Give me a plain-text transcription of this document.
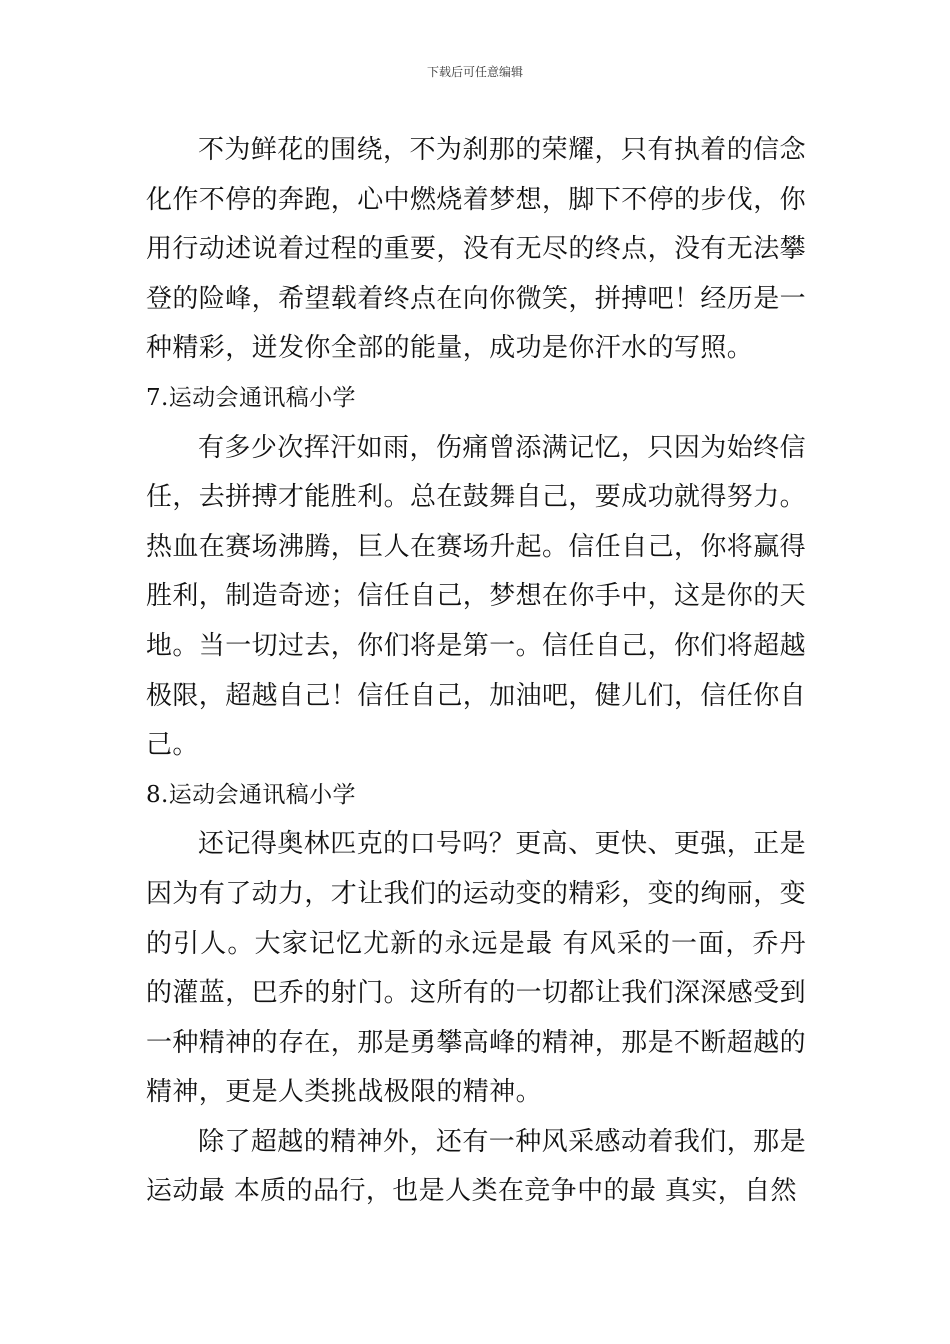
下载后可任意编辑

不为鲜花的围绕，不为刹那的荣耀，只有执着的信念化作不停的奔跑，心中燃烧着梦想，脚下不停的步伐，你用行动述说着过程的重要，没有无尽的终点，没有无法攀登的险峰，希望载着终点在向你微笑，拼搏吧！经历是一种精彩，迸发你全部的能量，成功是你汗水的写照。

7.运动会通讯稿小学

有多少次挥汗如雨，伤痛曾添满记忆，只因为始终信任，去拼搏才能胜利。总在鼓舞自己，要成功就得努力。热血在赛场沸腾，巨人在赛场升起。信任自己，你将赢得胜利，制造奇迹；信任自己，梦想在你手中，这是你的天地。当一切过去，你们将是第一。信任自己，你们将超越极限，超越自己！信任自己，加油吧，健儿们，信任你自己。

8.运动会通讯稿小学

还记得奥林匹克的口号吗？更高、更快、更强，正是因为有了动力，才让我们的运动变的精彩，变的绚丽，变的引人。大家记忆尤新的永远是最 有风采的一面，乔丹的灌蓝，巴乔的射门。这所有的一切都让我们深深感受到一种精神的存在，那是勇攀高峰的精神，那是不断超越的精神，更是人类挑战极限的精神。

除了超越的精神外，还有一种风采感动着我们，那是运动最 本质的品行，也是人类在竞争中的最 真实，自然
